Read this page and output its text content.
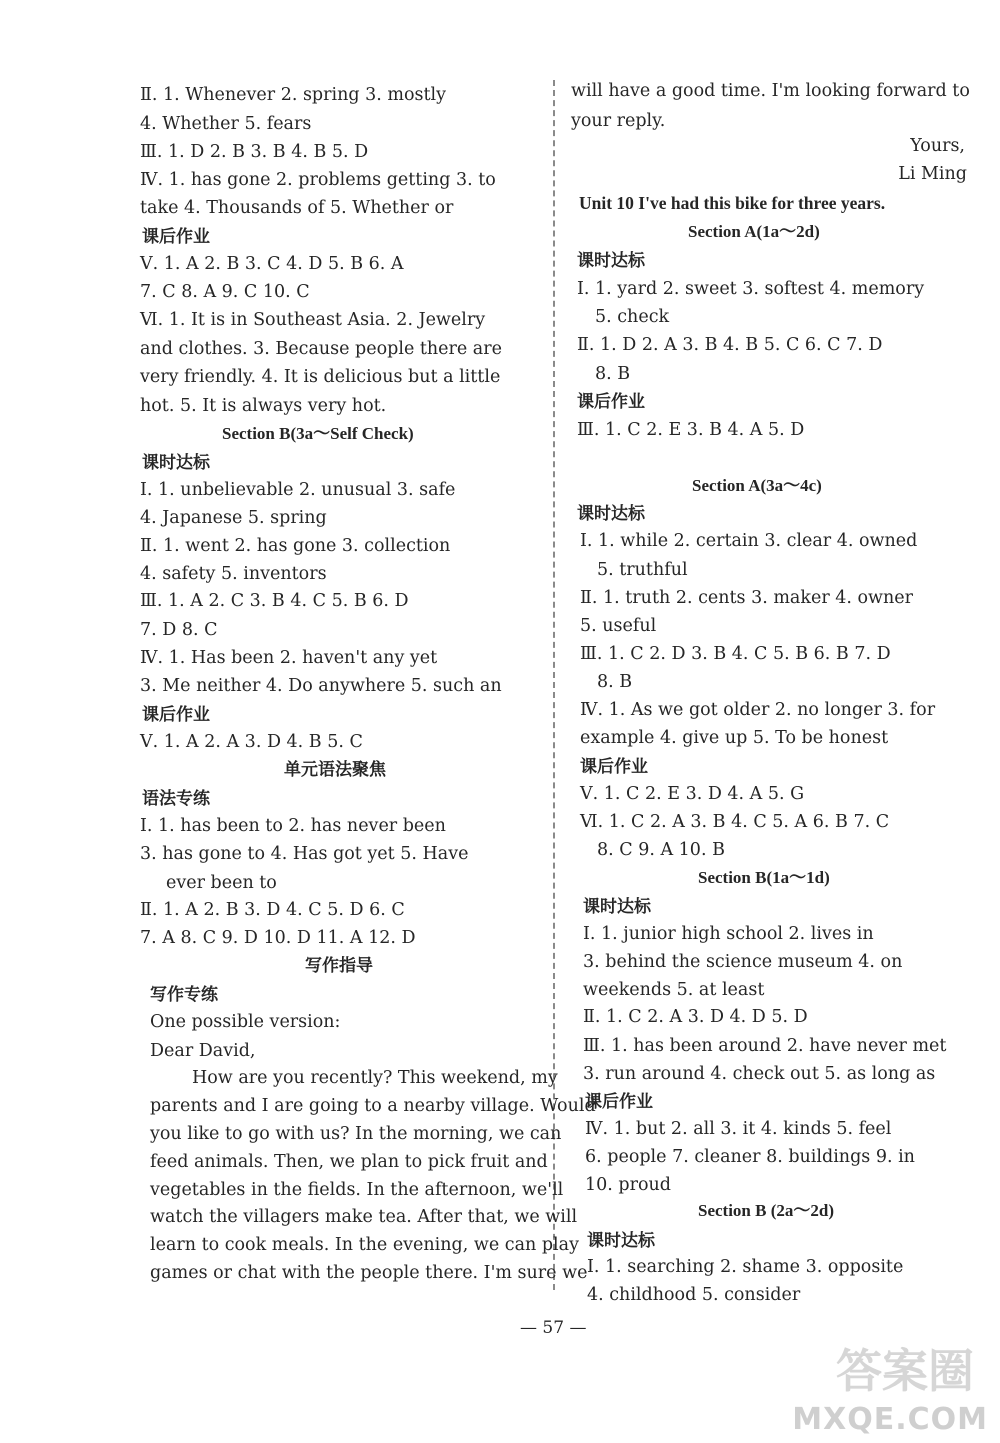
Ⅱ. 1. Whenever 2. spring 3. mostly
4. Whether 5. fears
Ⅲ. 1. D 2. B 3. B 4. B 5. D
Ⅳ. 1. has gone 2. problems getting 3. to
take 4. Thousands of 5. Whether or
课后作业
Ⅴ. 1. A 2. B 3. C 4. D 5. B 6. A
7. C 8. A 9. C 10. C
Ⅵ. 1. It is in Southeast Asia. 2. Jewelry
and clothes. 3. Because people there are
very friendly. 4. It is delicious but a little
hot. 5. It is always very hot.
Section B(3a～Self Check)
课时达标
Ⅰ. 1. unbelievable 2. unusual 3. safe
4. Japanese 5. spring
Ⅱ. 1. went 2. has gone 3. collection
4. safety 5. inventors
Ⅲ. 1. A 2. C 3. B 4. C 5. B 6. D
7. D 8. C
Ⅳ. 1. Has been 2. haven't any yet
3. Me neither 4. Do anywhere 5. such an
课后作业
Ⅴ. 1. A 2. A 3. D 4. B 5. C
单元语法聚焦
语法专练
Ⅰ. 1. has been to 2. has never been
3. has gone to 4. Has got yet 5. Have
ever been to
Ⅱ. 1. A 2. B 3. D 4. C 5. D 6. C
7. A 8. C 9. D 10. D 11. A 12. D
写作指导
写作专练
One possible version:
Dear David,
How are you recently? This weekend, my
parents and I are going to a nearby village. Would
you like to go with us? In the morning, we can
feed animals. Then, we plan to pick fruit and
vegetables in the fields. In the afternoon, we'll
watch the villagers make tea. After that, we will
learn to cook meals. In the evening, we can play
games or chat with the people there. I'm sure we
will have a good time. I'm looking forward to
your reply.
Yours,
Li Ming
Unit 10 I've had this bike for three years.
Section A(1a～2d)
课时达标
Ⅰ. 1. yard 2. sweet 3. softest 4. memory
5. check
Ⅱ. 1. D 2. A 3. B 4. B 5. C 6. C 7. D
8. B
课后作业
Ⅲ. 1. C 2. E 3. B 4. A 5. D
Section A(3a～4c)
课时达标
Ⅰ. 1. while 2. certain 3. clear 4. owned
5. truthful
Ⅱ. 1. truth 2. cents 3. maker 4. owner
5. useful
Ⅲ. 1. C 2. D 3. B 4. C 5. B 6. B 7. D
8. B
Ⅳ. 1. As we got older 2. no longer 3. for
example 4. give up 5. To be honest
课后作业
Ⅴ. 1. C 2. E 3. D 4. A 5. G
Ⅵ. 1. C 2. A 3. B 4. C 5. A 6. B 7. C
8. C 9. A 10. B
Section B(1a～1d)
课时达标
Ⅰ. 1. junior high school 2. lives in
3. behind the science museum 4. on
weekends 5. at least
Ⅱ. 1. C 2. A 3. D 4. D 5. D
Ⅲ. 1. has been around 2. have never met
3. run around 4. check out 5. as long as
课后作业
Ⅳ. 1. but 2. all 3. it 4. kinds 5. feel
6. people 7. cleaner 8. buildings 9. in
10. proud
Section B (2a～2d)
课时达标
Ⅰ. 1. searching 2. shame 3. opposite
4. childhood 5. consider
— 57 —
答案圈
MXQE.COM
